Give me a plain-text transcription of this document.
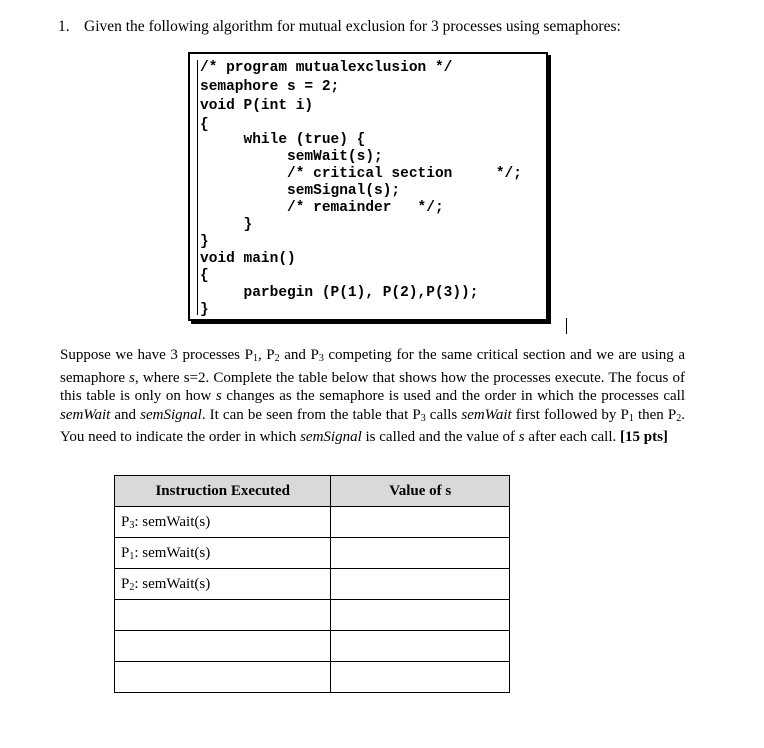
1. Given the following algorithm for mutual exclusion for 3 processes using semaphores:
/* program mutualexclusion */
semaphore s = 2;
void P(int i)
{
while (true) {
semWait(s);
/* critical section     */;
semSignal(s);
/* remainder   */;
}
}
void main()
{
parbegin (P(1), P(2),P(3));
}
Suppose we have 3 processes $P_1$, $P_2$ and $P_3$ competing for the same critical section and we are using a semaphore s, where s=2. Complete the table below that shows how the processes execute. The focus of this table is only on how s changes as the semaphore is used and the order in which the processes call semWait and semSignal. It can be seen from the table that $P_3$ calls semWait first followed by $P_1$ then $P_2$. You need to indicate the order in which semSignal is called and the value of s after each call. [15 pts]
Instruction Executed	Value of s
$P_3$: semWait(s)	
$P_1$: semWait(s)	
$P_2$: semWait(s)	
